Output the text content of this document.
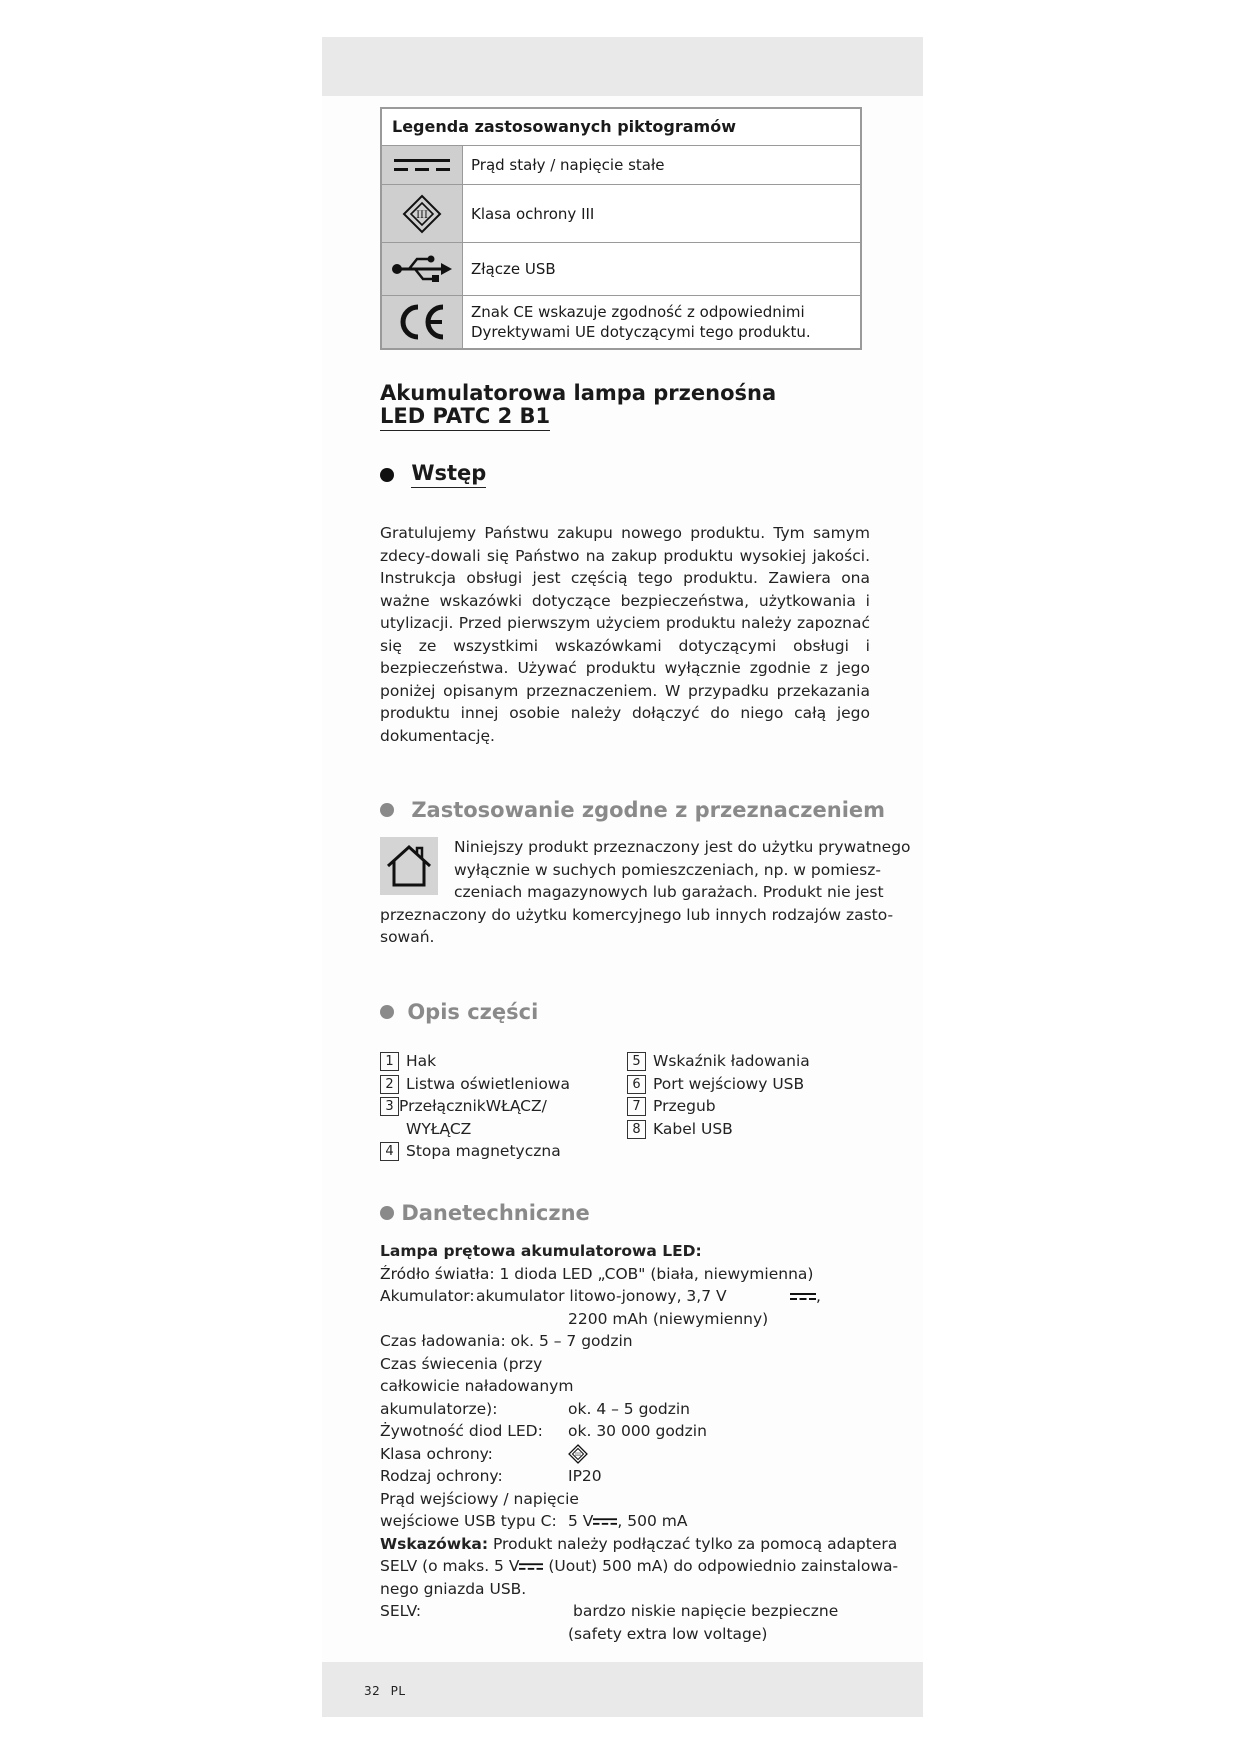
Legenda zastosowanych piktogramów
Prąd stały / napięcie stałe
III	Klasa ochrony III
Złącze USB
Znak CE wskazuje zgodność z odpowiednimi Dyrektywami UE dotyczącymi tego produktu.
Akumulatorowa lampa przenośna
LED PATC 2 B1
Wstęp

Gratulujemy Państwu zakupu nowego produktu. Tym samym zdecy-dowali się Państwo na zakup produktu wysokiej jakości. Instrukcja obsługi jest częścią tego produktu. Zawiera ona ważne wskazówki dotyczące bezpieczeństwa, użytkowania i utylizacji. Przed pierwszym użyciem produktu należy zapoznać się ze wszystkimi wskazówkami dotyczącymi obsługi i bezpieczeństwa. Używać produktu wyłącznie zgodnie z jego poniżej opisanym przeznaczeniem. W przypadku przekazania produktu innej osobie należy dołączyć do niego całą jego dokumentację.

Zastosowanie zgodne z przeznaczeniem
Niniejszy produkt przeznaczony jest do użytku prywatnego
wyłącznie w suchych pomieszczeniach, np. w pomiesz-
czeniach magazynowych lub garażach. Produkt nie jest
przeznaczony do użytku komercyjnego lub innych rodzajów zasto-
sowań.
Opis części
1 Hak
2 Listwa oświetleniowa
3 PrzełącznikWŁĄCZ/
WYŁĄCZ
4 Stopa magnetyczna
5 Wskaźnik ładowania
6 Port wejściowy USB
7 Przegub
8 Kabel USB
Danetechniczne
Lampa prętowa akumulatorowa LED:
Źródło światła: 1 dioda LED „COB" (biała, niewymienna)
Akumulator: akumulator litowo-jonowy, 3,7 V	,
2200 mAh (niewymienny)
Czas ładowania: ok. 5 – 7 godzin
Czas świecenia (przy
całkowicie naładowanym
akumulatorze):	ok. 4 – 5 godzin
Żywotność diod LED: ok. 30 000 godzin
Klasa ochrony:	III
Rodzaj ochrony:	IP20
Prąd wejściowy / napięcie
wejściowe USB typu C: 5 V , 500 mA
Wskazówka: Produkt należy podłączać tylko za pomocą adaptera
SELV (o maks. 5 V (Uout) 500 mA) do odpowiednio zainstalowa-
nego gniazda USB.
SELV:	bardzo niskie napięcie bezpieczne
(safety extra low voltage)
32 PL
